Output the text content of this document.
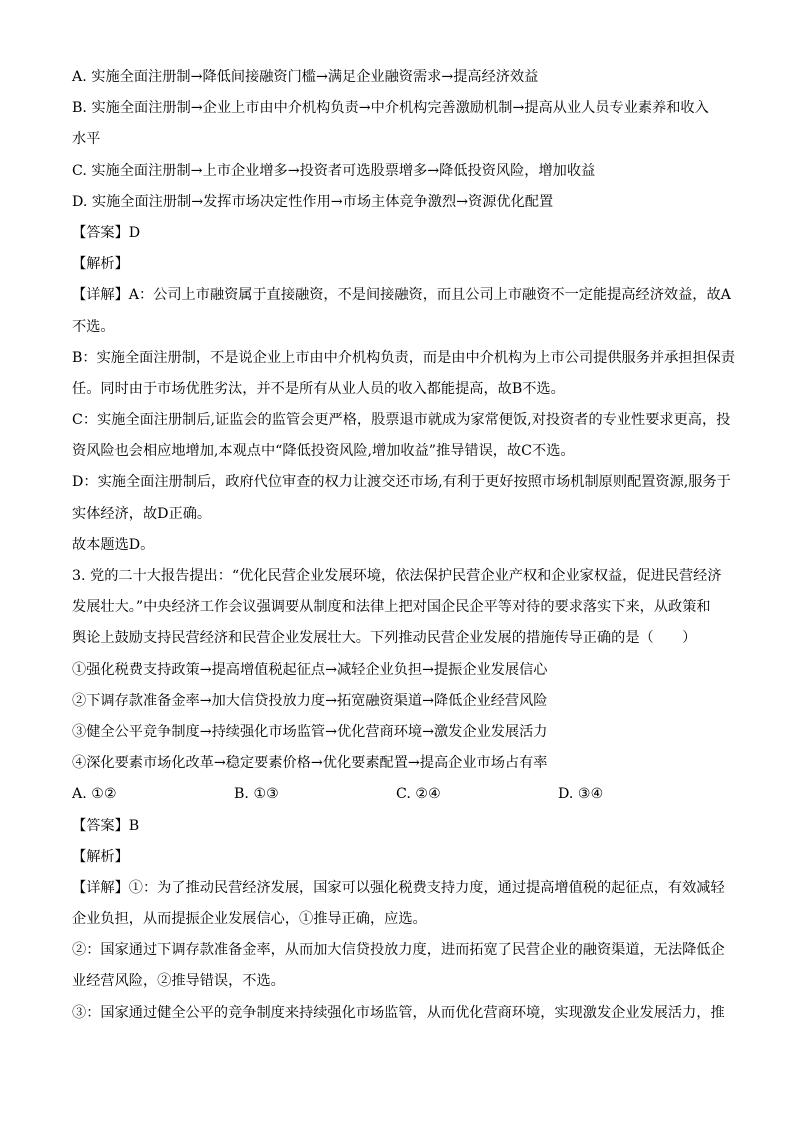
A. 实施全面注册制→降低间接融资门槛→满足企业融资需求→提高经济效益
B. 实施全面注册制→企业上市由中介机构负责→中介机构完善激励机制→提高从业人员专业素养和收入
水平
C. 实施全面注册制→上市企业增多→投资者可选股票增多→降低投资风险，增加收益
D. 实施全面注册制→发挥市场决定性作用→市场主体竞争激烈→资源优化配置
【答案】D
【解析】
【详解】A：公司上市融资属于直接融资，不是间接融资，而且公司上市融资不一定能提高经济效益，故A
不选。
B：实施全面注册制，不是说企业上市由中介机构负责，而是由中介机构为上市公司提供服务并承担担保责
任。同时由于市场优胜劣汰，并不是所有从业人员的收入都能提高，故B不选。
C：实施全面注册制后,证监会的监管会更严格，股票退市就成为家常便饭,对投资者的专业性要求更高，投
资风险也会相应地增加,本观点中“降低投资风险,增加收益”推导错误，故C不选。
D：实施全面注册制后，政府代位审查的权力让渡交还市场,有利于更好按照市场机制原则配置资源,服务于
实体经济，故D正确。
故本题选D。
3. 党的二十大报告提出：“优化民营企业发展环境，依法保护民营企业产权和企业家权益，促进民营经济
发展壮大。”中央经济工作会议强调要从制度和法律上把对国企民企平等对待的要求落实下来，从政策和
舆论上鼓励支持民营经济和民营企业发展壮大。下列推动民营企业发展的措施传导正确的是（　　）
①强化税费支持政策→提高增值税起征点→减轻企业负担→提振企业发展信心
②下调存款准备金率→加大信贷投放力度→拓宽融资渠道→降低企业经营风险
③健全公平竞争制度→持续强化市场监管→优化营商环境→激发企业发展活力
④深化要素市场化改革→稳定要素价格→优化要素配置→提高企业市场占有率
A. ①②	B. ①③	C. ②④	D. ③④
【答案】B
【解析】
【详解】①：为了推动民营经济发展，国家可以强化税费支持力度，通过提高增值税的起征点，有效减轻
企业负担，从而提振企业发展信心，①推导正确，应选。
②：国家通过下调存款准备金率，从而加大信贷投放力度，进而拓宽了民营企业的融资渠道，无法降低企
业经营风险，②推导错误，不选。
③：国家通过健全公平的竞争制度来持续强化市场监管，从而优化营商环境，实现激发企业发展活力，推
